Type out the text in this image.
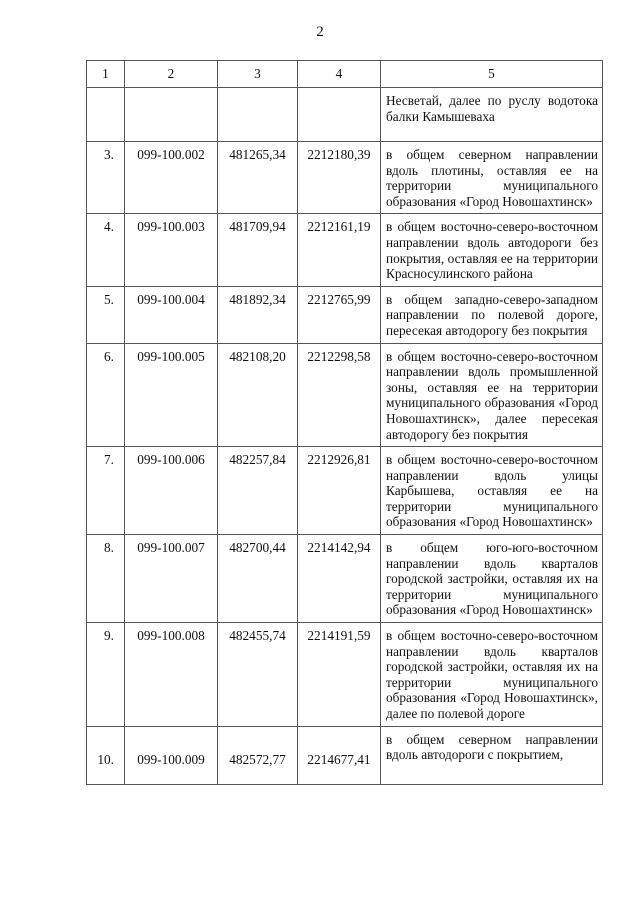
2
1	2	3	4	5
				Несветай, далее по руслу водотока балки Камышеваха
3.	099-100.002	481265,34	2212180,39	в общем северном направлении вдоль плотины, оставляя ее на территории муниципального образования «Город Новошахтинск»
4.	099-100.003	481709,94	2212161,19	в общем восточно-северо-восточном направлении вдоль автодороги без покрытия, оставляя ее на территории Красносулинского района
5.	099-100.004	481892,34	2212765,99	в общем западно-северо-западном направлении по полевой дороге, пересекая автодорогу без покрытия
6.	099-100.005	482108,20	2212298,58	в общем восточно-северо-восточном направлении вдоль промышленной зоны, оставляя ее на территории муниципального образования «Город Новошахтинск», далее пересекая автодорогу без покрытия
7.	099-100.006	482257,84	2212926,81	в общем восточно-северо-восточном направлении вдоль улицы Карбышева, оставляя ее на территории муниципального образования «Город Новошахтинск»
8.	099-100.007	482700,44	2214142,94	в общем юго-юго-восточном направлении вдоль кварталов городской застройки, оставляя их на территории муниципального образования «Город Новошахтинск»
9.	099-100.008	482455,74	2214191,59	в общем восточно-северо-восточном направлении вдоль кварталов городской застройки, оставляя их на территории муниципального образования «Город Новошахтинск», далее по полевой дороге
10.	099-100.009	482572,77	2214677,41	в общем северном направлении вдоль автодороги с покрытием,
